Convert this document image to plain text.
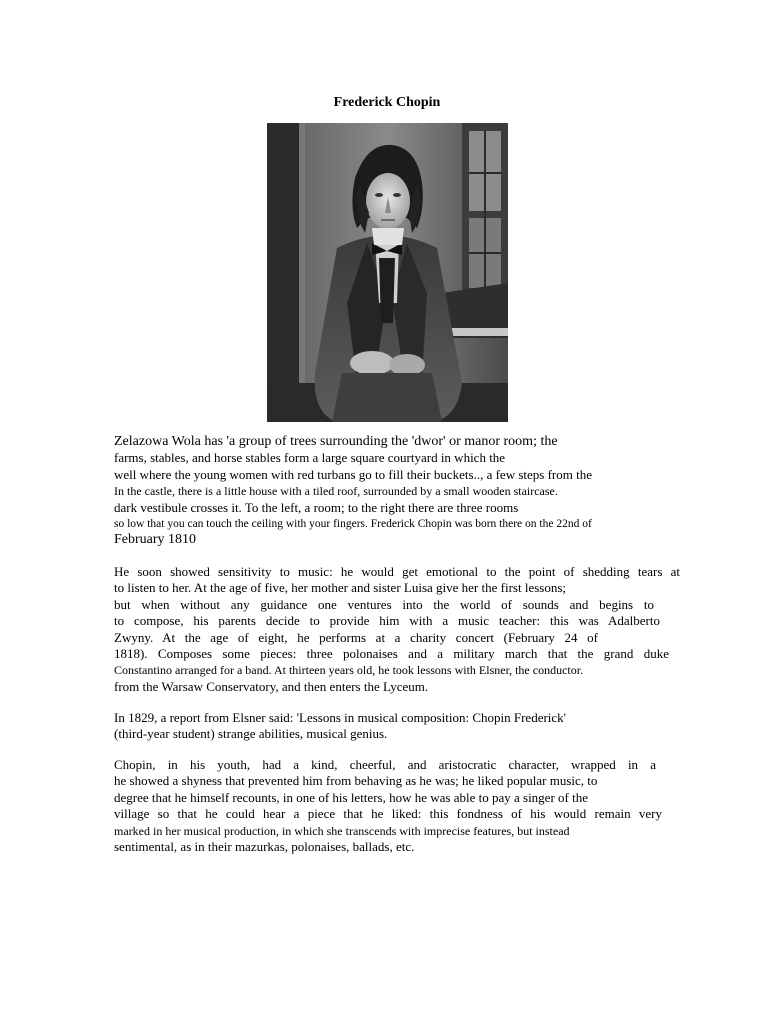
Frederick Chopin
Zelazowa Wola has 'a group of trees surrounding the 'dwor' or manor room; the
farms, stables, and horse stables form a large square courtyard in which the
well where the young women with red turbans go to fill their buckets.., a few steps from the
In the castle, there is a little house with a tiled roof, surrounded by a small wooden staircase.
dark vestibule crosses it. To the left, a room; to the right there are three rooms
so low that you can touch the ceiling with your fingers. Frederick Chopin was born there on the 22nd of
February 1810
He soon showed sensitivity to music: he would get emotional to the point of shedding tears at
to listen to her. At the age of five, her mother and sister Luisa give her the first lessons;
but when without any guidance one ventures into the world of sounds and begins to
to compose, his parents decide to provide him with a music teacher: this was Adalberto
Zwyny. At the age of eight, he performs at a charity concert (February 24 of
1818). Composes some pieces: three polonaises and a military march that the grand duke
Constantino arranged for a band. At thirteen years old, he took lessons with Elsner, the conductor.
from the Warsaw Conservatory, and then enters the Lyceum.
In 1829, a report from Elsner said: 'Lessons in musical composition: Chopin Frederick'
(third-year student) strange abilities, musical genius.
Chopin, in his youth, had a kind, cheerful, and aristocratic character, wrapped in a
he showed a shyness that prevented him from behaving as he was; he liked popular music, to
degree that he himself recounts, in one of his letters, how he was able to pay a singer of the
village so that he could hear a piece that he liked: this fondness of his would remain very
marked in her musical production, in which she transcends with imprecise features, but instead
sentimental, as in their mazurkas, polonaises, ballads, etc.
